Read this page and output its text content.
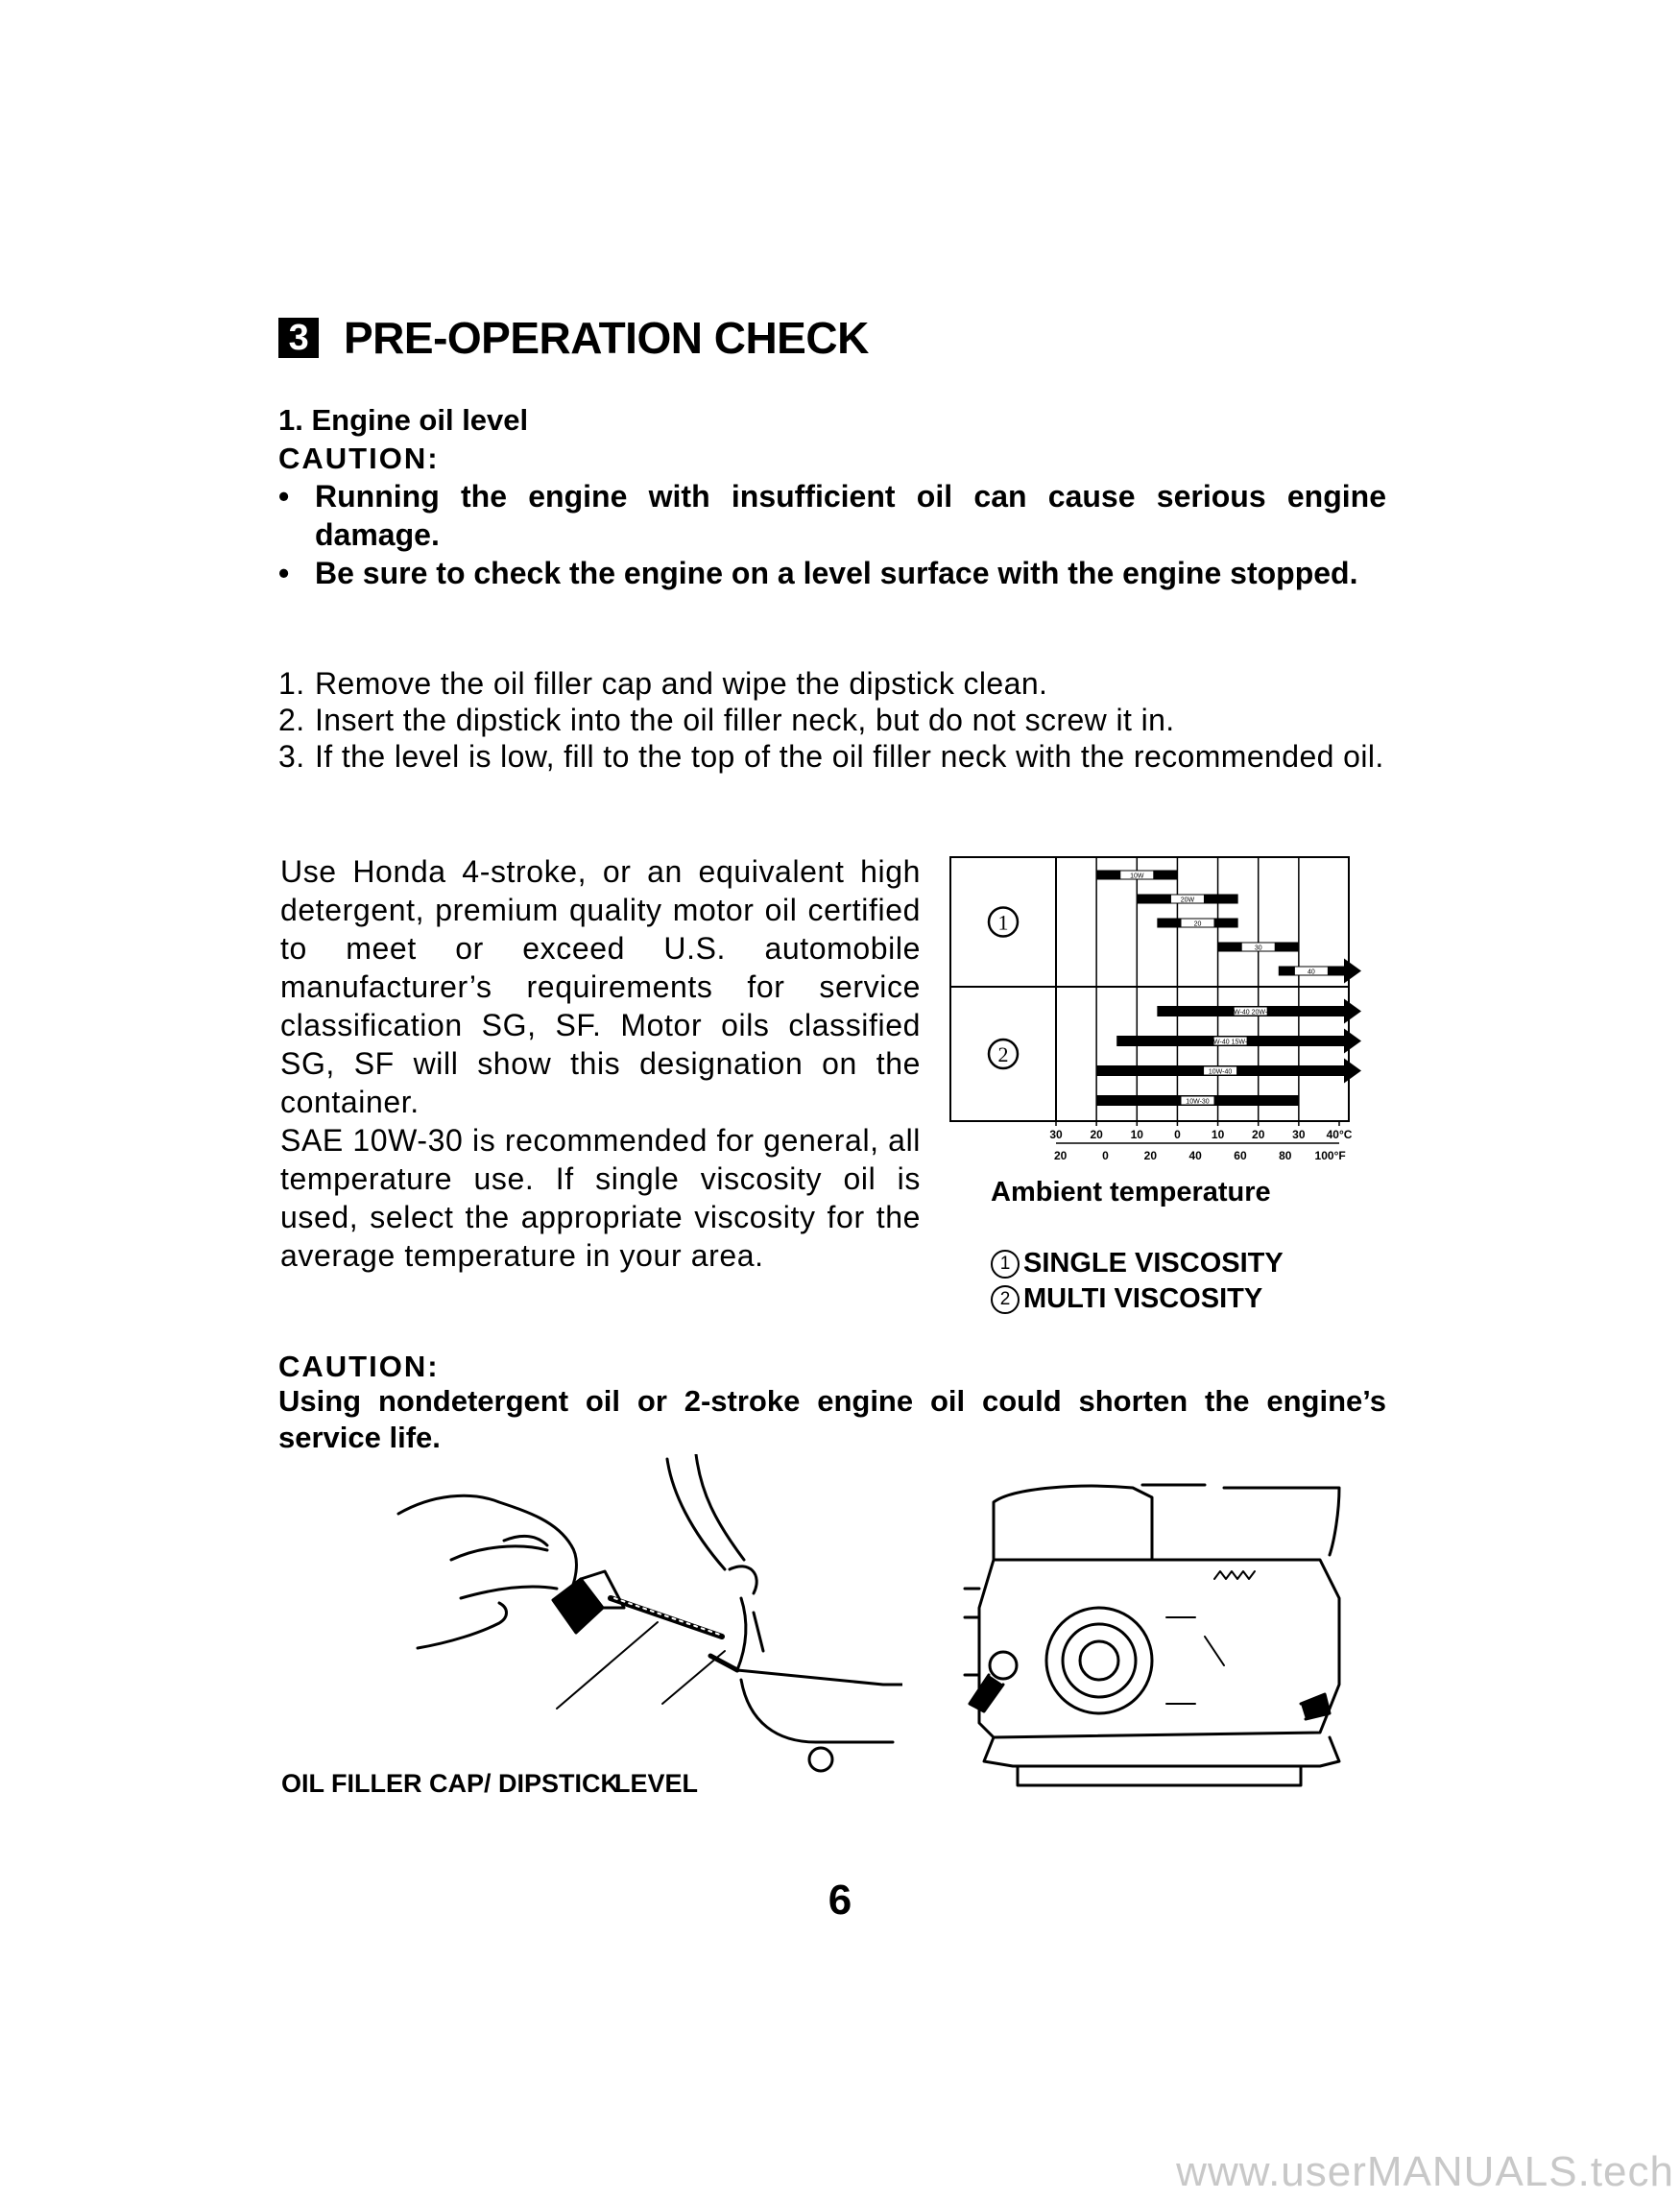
3 PRE-OPERATION CHECK
1. Engine oil level
CAUTION:
• Running the engine with insufficient oil can cause serious engine damage.
• Be sure to check the engine on a level surface with the engine stopped.
1. Remove the oil filler cap and wipe the dipstick clean.
2. Insert the dipstick into the oil filler neck, but do not screw it in.
3. If the level is low, fill to the top of the oil filler neck with the recommended oil.

Use Honda 4-stroke, or an equivalent high detergent, premium quality motor oil certified to meet or exceed U.S. automobile manufacturer’s requirements for service classification SG, SF. Motor oils classified SG, SF will show this designation on the container.

SAE 10W-30 is recommended for general, all temperature use. If single viscosity oil is used, select the appropriate viscosity for the average temperature in your area.

1
2
10W
20W
20
30
40
20W-40 20W-50
15W-40 15W-50
10W-40
10W-30
30 20 10	0	10 20 30 40°C
20	0	20	40	60	80 100°F
Ambient temperature
1 SINGLE VISCOSITY
2 MULTI VISCOSITY
CAUTION:
Using nondetergent oil or 2-stroke engine oil could shorten the engine’s service life.
OIL FILLER CAP/ DIPSTICK
LEVEL
6
www.userMANUALS.tech
